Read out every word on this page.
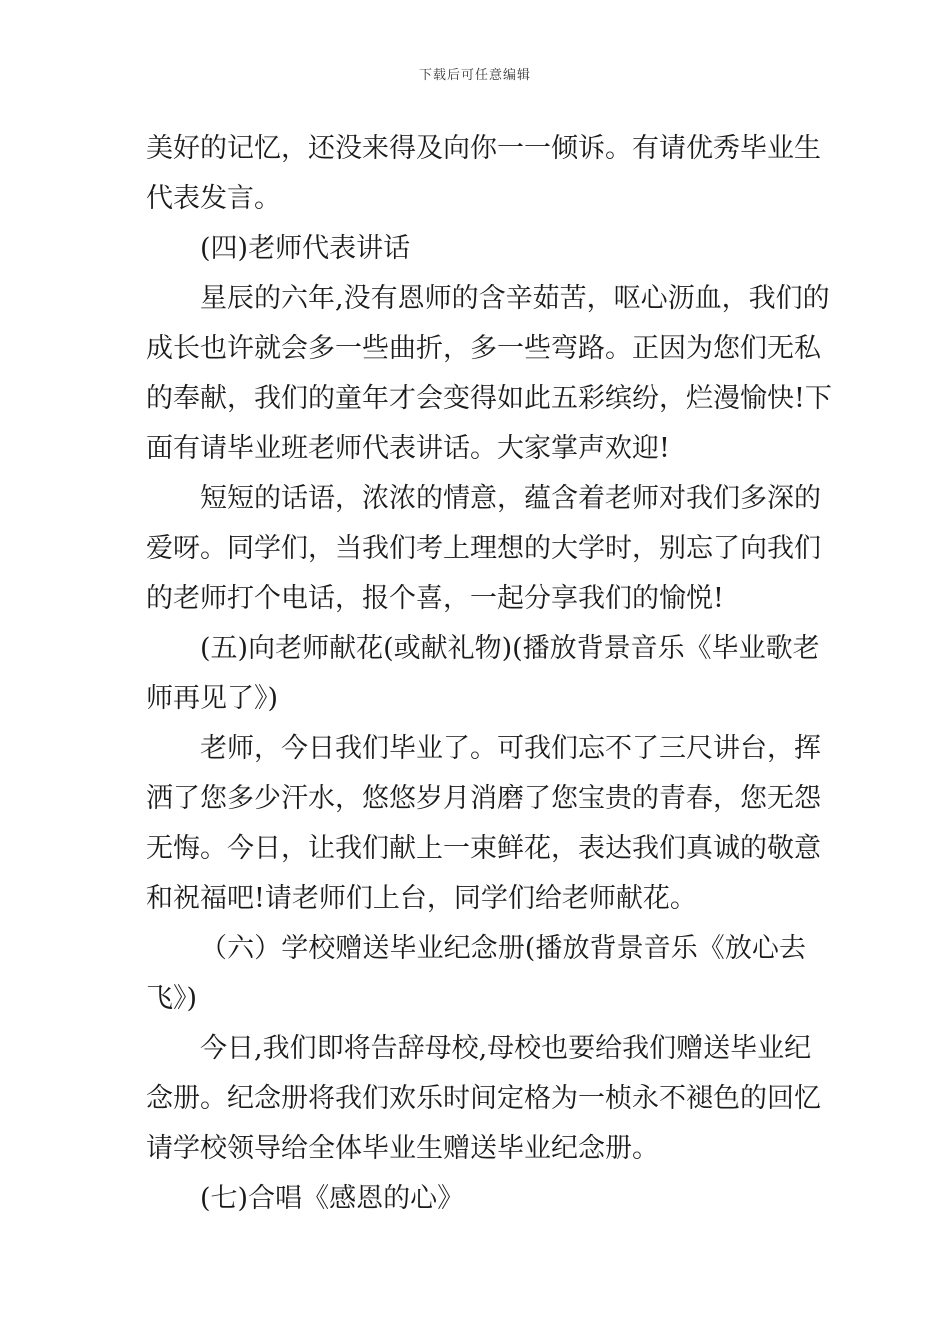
下载后可任意编辑
美好的记忆，还没来得及向你一一倾诉。有请优秀毕业生
代表发言。
(四)老师代表讲话
星辰的六年,没有恩师的含辛茹苦，呕心沥血，我们的
成长也许就会多一些曲折，多一些弯路。正因为您们无私
的奉献，我们的童年才会变得如此五彩缤纷，烂漫愉快!下
面有请毕业班老师代表讲话。大家掌声欢迎!
短短的话语，浓浓的情意，蕴含着老师对我们多深的
爱呀。同学们，当我们考上理想的大学时，别忘了向我们
的老师打个电话，报个喜，一起分享我们的愉悦!
(五)向老师献花(或献礼物)(播放背景音乐《毕业歌老
师再见了》)
老师，今日我们毕业了。可我们忘不了三尺讲台，挥
洒了您多少汗水，悠悠岁月消磨了您宝贵的青春，您无怨
无悔。今日，让我们献上一束鲜花，表达我们真诚的敬意
和祝福吧!请老师们上台，同学们给老师献花。
（六）学校赠送毕业纪念册(播放背景音乐《放心去
飞》)
今日,我们即将告辞母校,母校也要给我们赠送毕业纪
念册。纪念册将我们欢乐时间定格为一桢永不褪色的回忆
请学校领导给全体毕业生赠送毕业纪念册。
(七)合唱《感恩的心》
